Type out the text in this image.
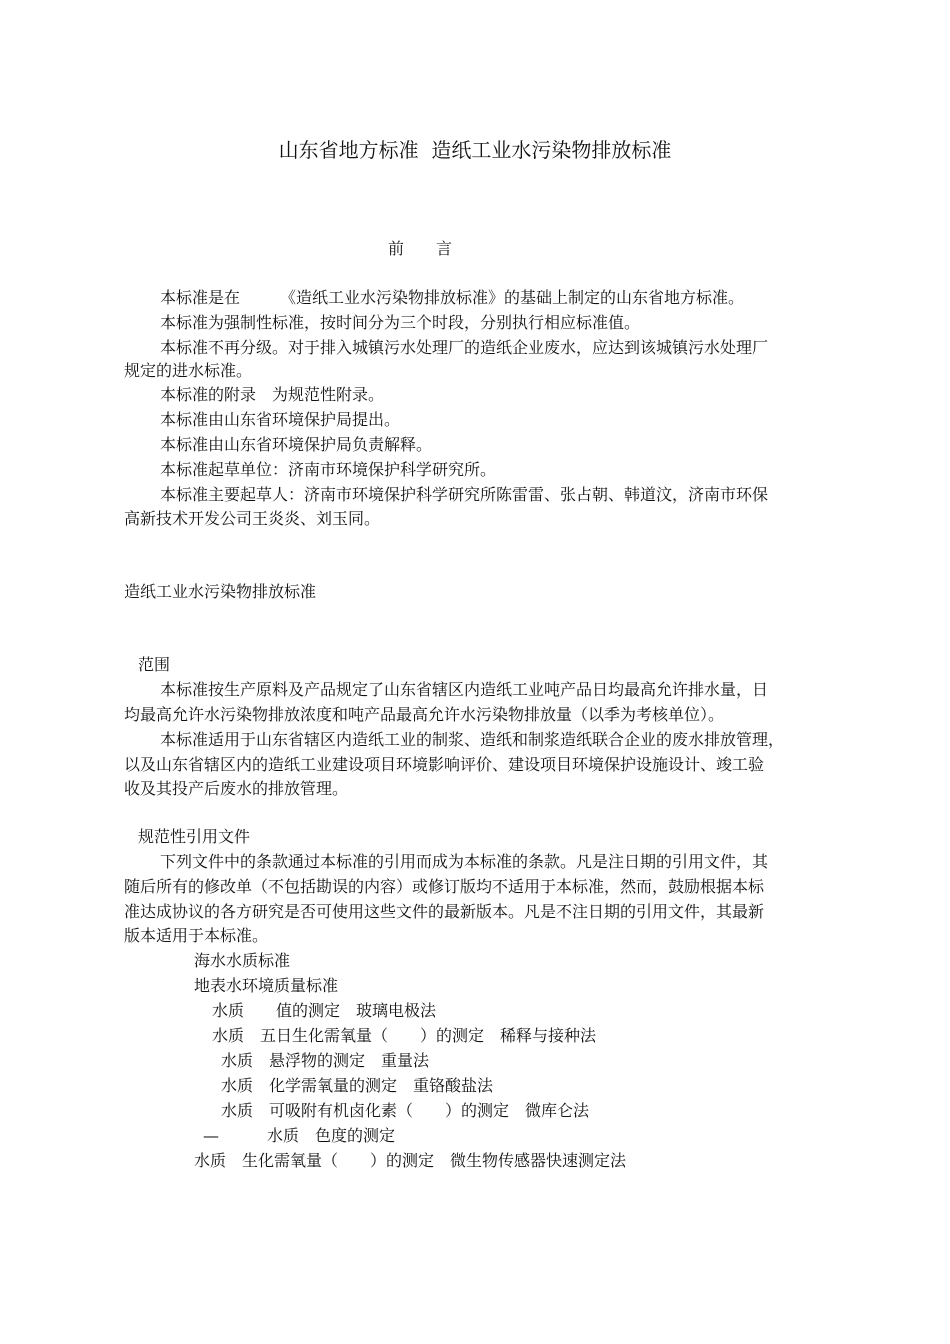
山东省地方标准  造纸工业水污染物排放标准
前　　言
本标准是在　　　《造纸工业水污染物排放标准》的基础上制定的山东省地方标准。
本标准为强制性标准，按时间分为三个时段，分别执行相应标准值。
本标准不再分级。对于排入城镇污水处理厂的造纸企业废水，应达到该城镇污水处理厂
规定的进水标准。
本标准的附录　为规范性附录。
本标准由山东省环境保护局提出。
本标准由山东省环境保护局负责解释。
本标准起草单位：济南市环境保护科学研究所。
本标准主要起草人：济南市环境保护科学研究所陈雷雷、张占朝、韩道汶，济南市环保
高新技术开发公司王炎炎、刘玉同。
造纸工业水污染物排放标准
范围
本标准按生产原料及产品规定了山东省辖区内造纸工业吨产品日均最高允许排水量，日
均最高允许水污染物排放浓度和吨产品最高允许水污染物排放量（以季为考核单位）。
本标准适用于山东省辖区内造纸工业的制浆、造纸和制浆造纸联合企业的废水排放管理，
以及山东省辖区内的造纸工业建设项目环境影响评价、建设项目环境保护设施设计、竣工验
收及其投产后废水的排放管理。
规范性引用文件
下列文件中的条款通过本标准的引用而成为本标准的条款。凡是注日期的引用文件，其
随后所有的修改单（不包括勘误的内容）或修订版均不适用于本标准，然而，鼓励根据本标
准达成协议的各方研究是否可使用这些文件的最新版本。凡是不注日期的引用文件，其最新
版本适用于本标准。
海水水质标准
地表水环境质量标准
水质　　值的测定　玻璃电极法
水质　五日生化需氧量（　　）的测定　稀释与接种法
水质　悬浮物的测定　重量法
水质　化学需氧量的测定　重铬酸盐法
水质　可吸附有机卤化素（　　）的测定　微库仑法
—　　　水质　色度的测定
水质　生化需氧量（　　）的测定　微生物传感器快速测定法
